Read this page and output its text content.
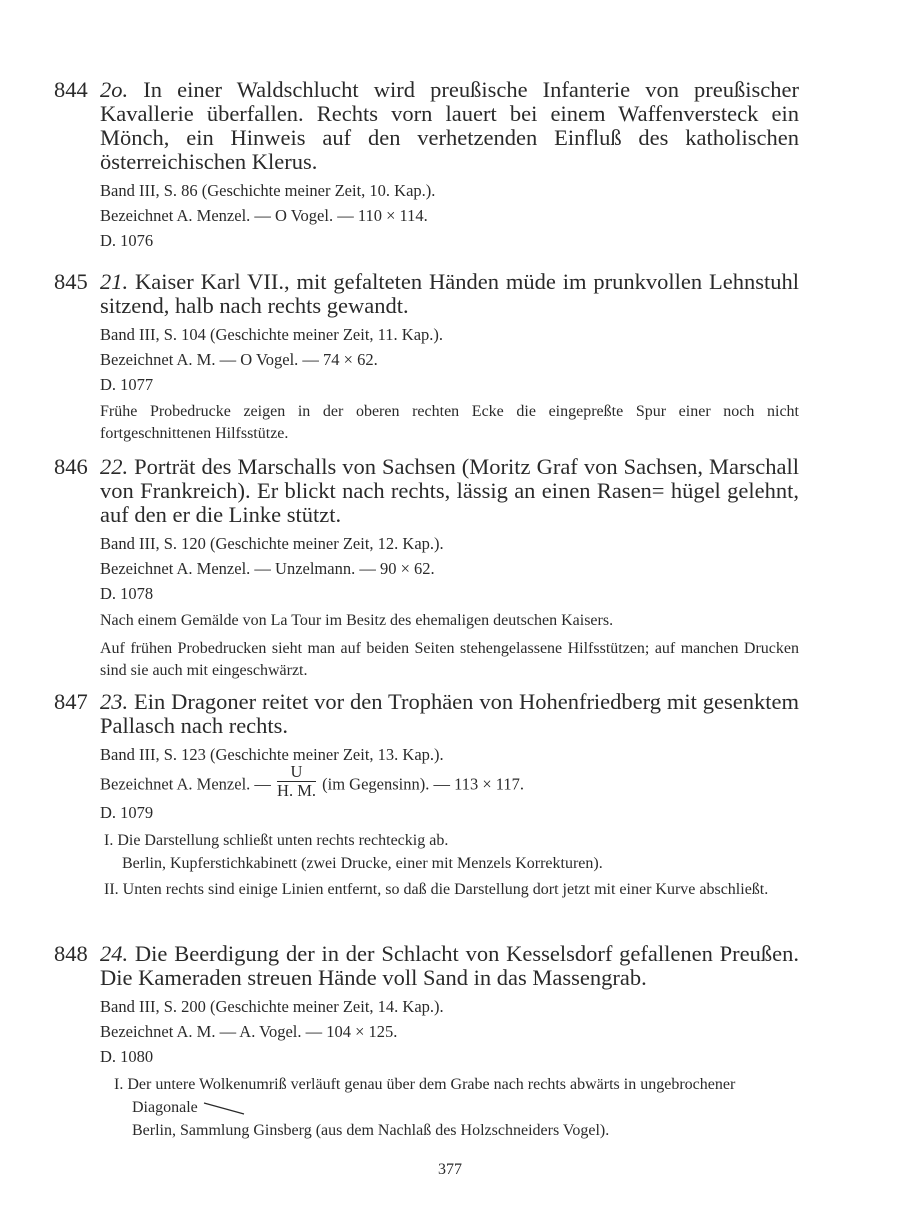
844 2o. In einer Waldschlucht wird preußische Infanterie von preußischer Kavallerie überfallen. Rechts vorn lauert bei einem Waffenversteck ein Mönch, ein Hinweis auf den verhetzenden Einfluß des katholischen österreichischen Klerus.
Band III, S. 86 (Geschichte meiner Zeit, 10. Kap.).
Bezeichnet A. Menzel. — O Vogel. — 110 × 114.
D. 1076
845 21. Kaiser Karl VII., mit gefalteten Händen müde im prunkvollen Lehnstuhl sitzend, halb nach rechts gewandt.
Band III, S. 104 (Geschichte meiner Zeit, 11. Kap.).
Bezeichnet A. M. — O Vogel. — 74 × 62.
D. 1077
Frühe Probedrucke zeigen in der oberen rechten Ecke die eingepreßte Spur einer noch nicht fortgeschnittenen Hilfsstütze.
846 22. Porträt des Marschalls von Sachsen (Moritz Graf von Sachsen, Marschall von Frankreich). Er blickt nach rechts, lässig an einen Rasen= hügel gelehnt, auf den er die Linke stützt.
Band III, S. 120 (Geschichte meiner Zeit, 12. Kap.).
Bezeichnet A. Menzel. — Unzelmann. — 90 × 62.
D. 1078
Nach einem Gemälde von La Tour im Besitz des ehemaligen deutschen Kaisers.
Auf frühen Probedrucken sieht man auf beiden Seiten stehengelassene Hilfsstützen; auf manchen Drucken sind sie auch mit eingeschwärzt.
847 23. Ein Dragoner reitet vor den Trophäen von Hohenfriedberg mit gesenktem Pallasch nach rechts.
Band III, S. 123 (Geschichte meiner Zeit, 13. Kap.).
Bezeichnet A. Menzel. — $\frac{U}{H. M.} (im$ Gegensinn). — 113 × 117.
D. 1079
I. Die Darstellung schließt unten rechts rechteckig ab.
Berlin, Kupferstichkabinett (zwei Drucke, einer mit Menzels Korrekturen).
II. Unten rechts sind einige Linien entfernt, so daß die Darstellung dort jetzt mit einer Kurve abschließt.
848 24. Die Beerdigung der in der Schlacht von Kesselsdorf gefallenen Preußen. Die Kameraden streuen Hände voll Sand in das Massengrab.
Band III, S. 200 (Geschichte meiner Zeit, 14. Kap.).
Bezeichnet A. M. — A. Vogel. — 104 × 125.
D. 1080
I. Der untere Wolkenumriß verläuft genau über dem Grabe nach rechts abwärts in ungebrochener Diagonale
Berlin, Sammlung Ginsberg (aus dem Nachlaß des Holzschneiders Vogel).
377
